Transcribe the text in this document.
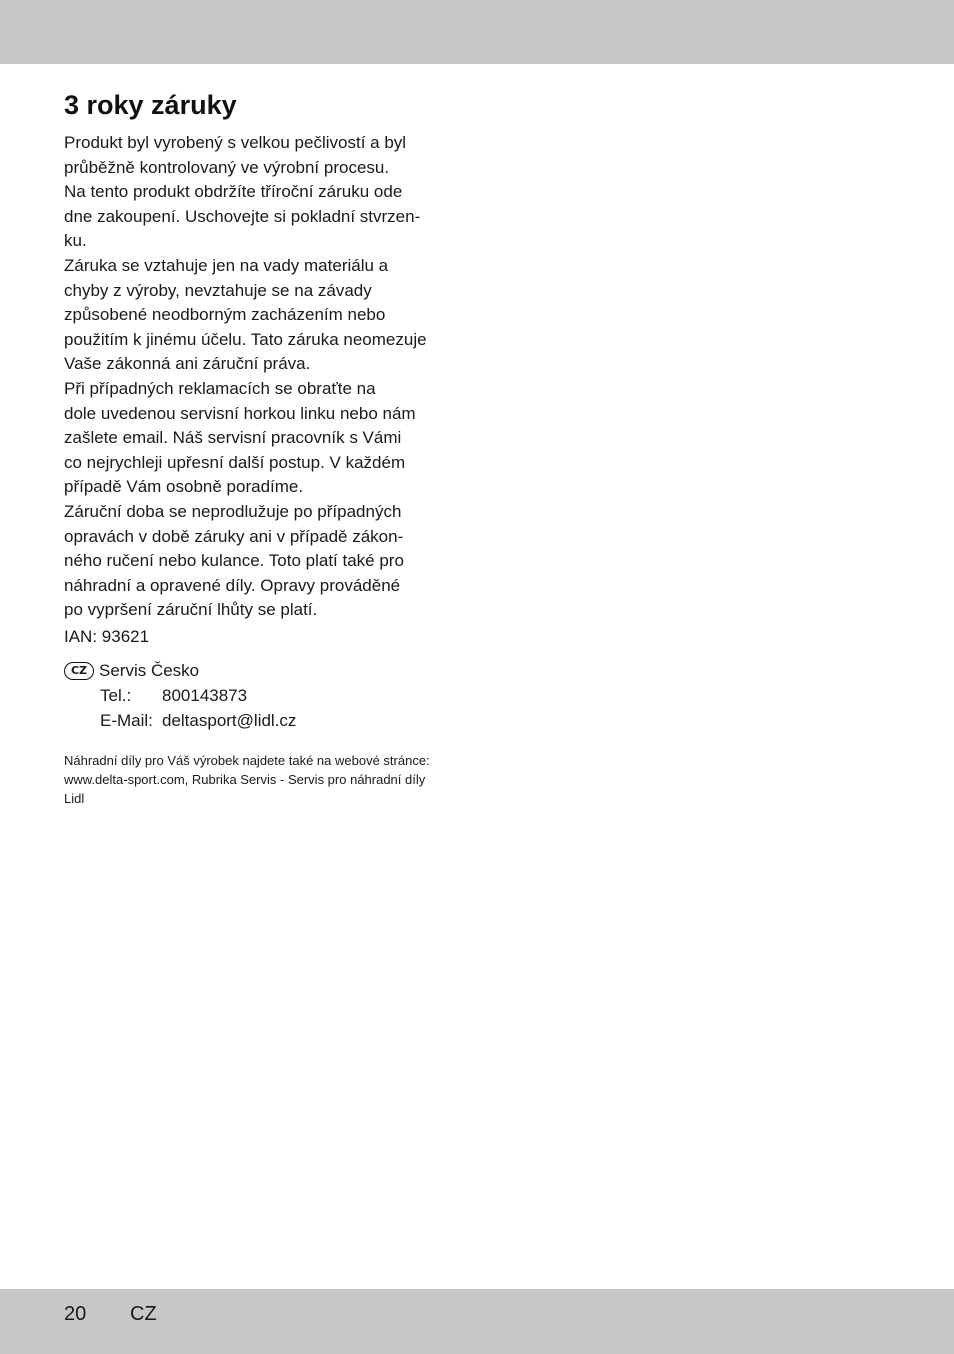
3 roky záruky

Produkt byl vyrobený s velkou pečlivostí a byl
průběžně kontrolovaný ve výrobní procesu.

Na tento produkt obdržíte tříroční záruku ode
dne zakoupení. Uschovejte si pokladní stvrzen-
ku.

Záruka se vztahuje jen na vady materiálu a
chyby z výroby, nevztahuje se na závady
způsobené neodborným zacházením nebo
použitím k jinému účelu. Tato záruka neomezuje
Vaše zákonná ani záruční práva.

Při případných reklamacích se obraťte na
dole uvedenou servisní horkou linku nebo nám
zašlete email. Náš servisní pracovník s Vámi
co nejrychleji upřesní další postup. V každém
případě Vám osobně poradíme.

Záruční doba se neprodlužuje po případných
opravách v době záruky ani v případě zákon-
ného ručení nebo kulance. Toto platí také pro
náhradní a opravené díly. Opravy prováděné
po vypršení záruční lhůty se platí.

IAN: 93621
CZ Servis Česko
Tel.:	800143873
E-Mail: deltasport@lidl.cz

Náhradní díly pro Váš výrobek najdete také na webové stránce:

www.delta-sport.com, Rubrika Servis - Servis pro náhradní díly Lidl

20 CZ
